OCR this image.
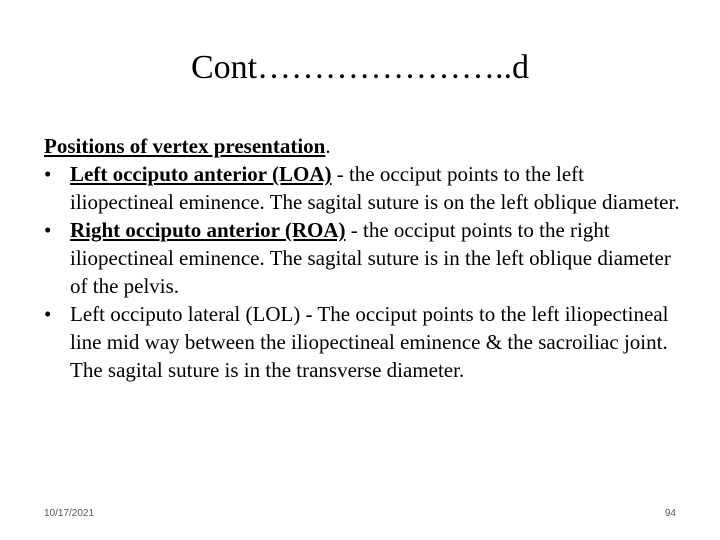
Cont…………………..d

Positions of vertex presentation.

• Left occiputo anterior (LOA) - the occiput points to the left iliopectineal eminence. The sagital suture is on the left oblique diameter.
• Right occiputo anterior (ROA) - the occiput points to the right iliopectineal eminence. The sagital suture is in the left oblique diameter of the pelvis.
• Left occiputo lateral (LOL) - The occiput points to the left iliopectineal line mid way between the iliopectineal eminence & the sacroiliac joint. The sagital suture is in the transverse diameter.
10/17/2021	94
